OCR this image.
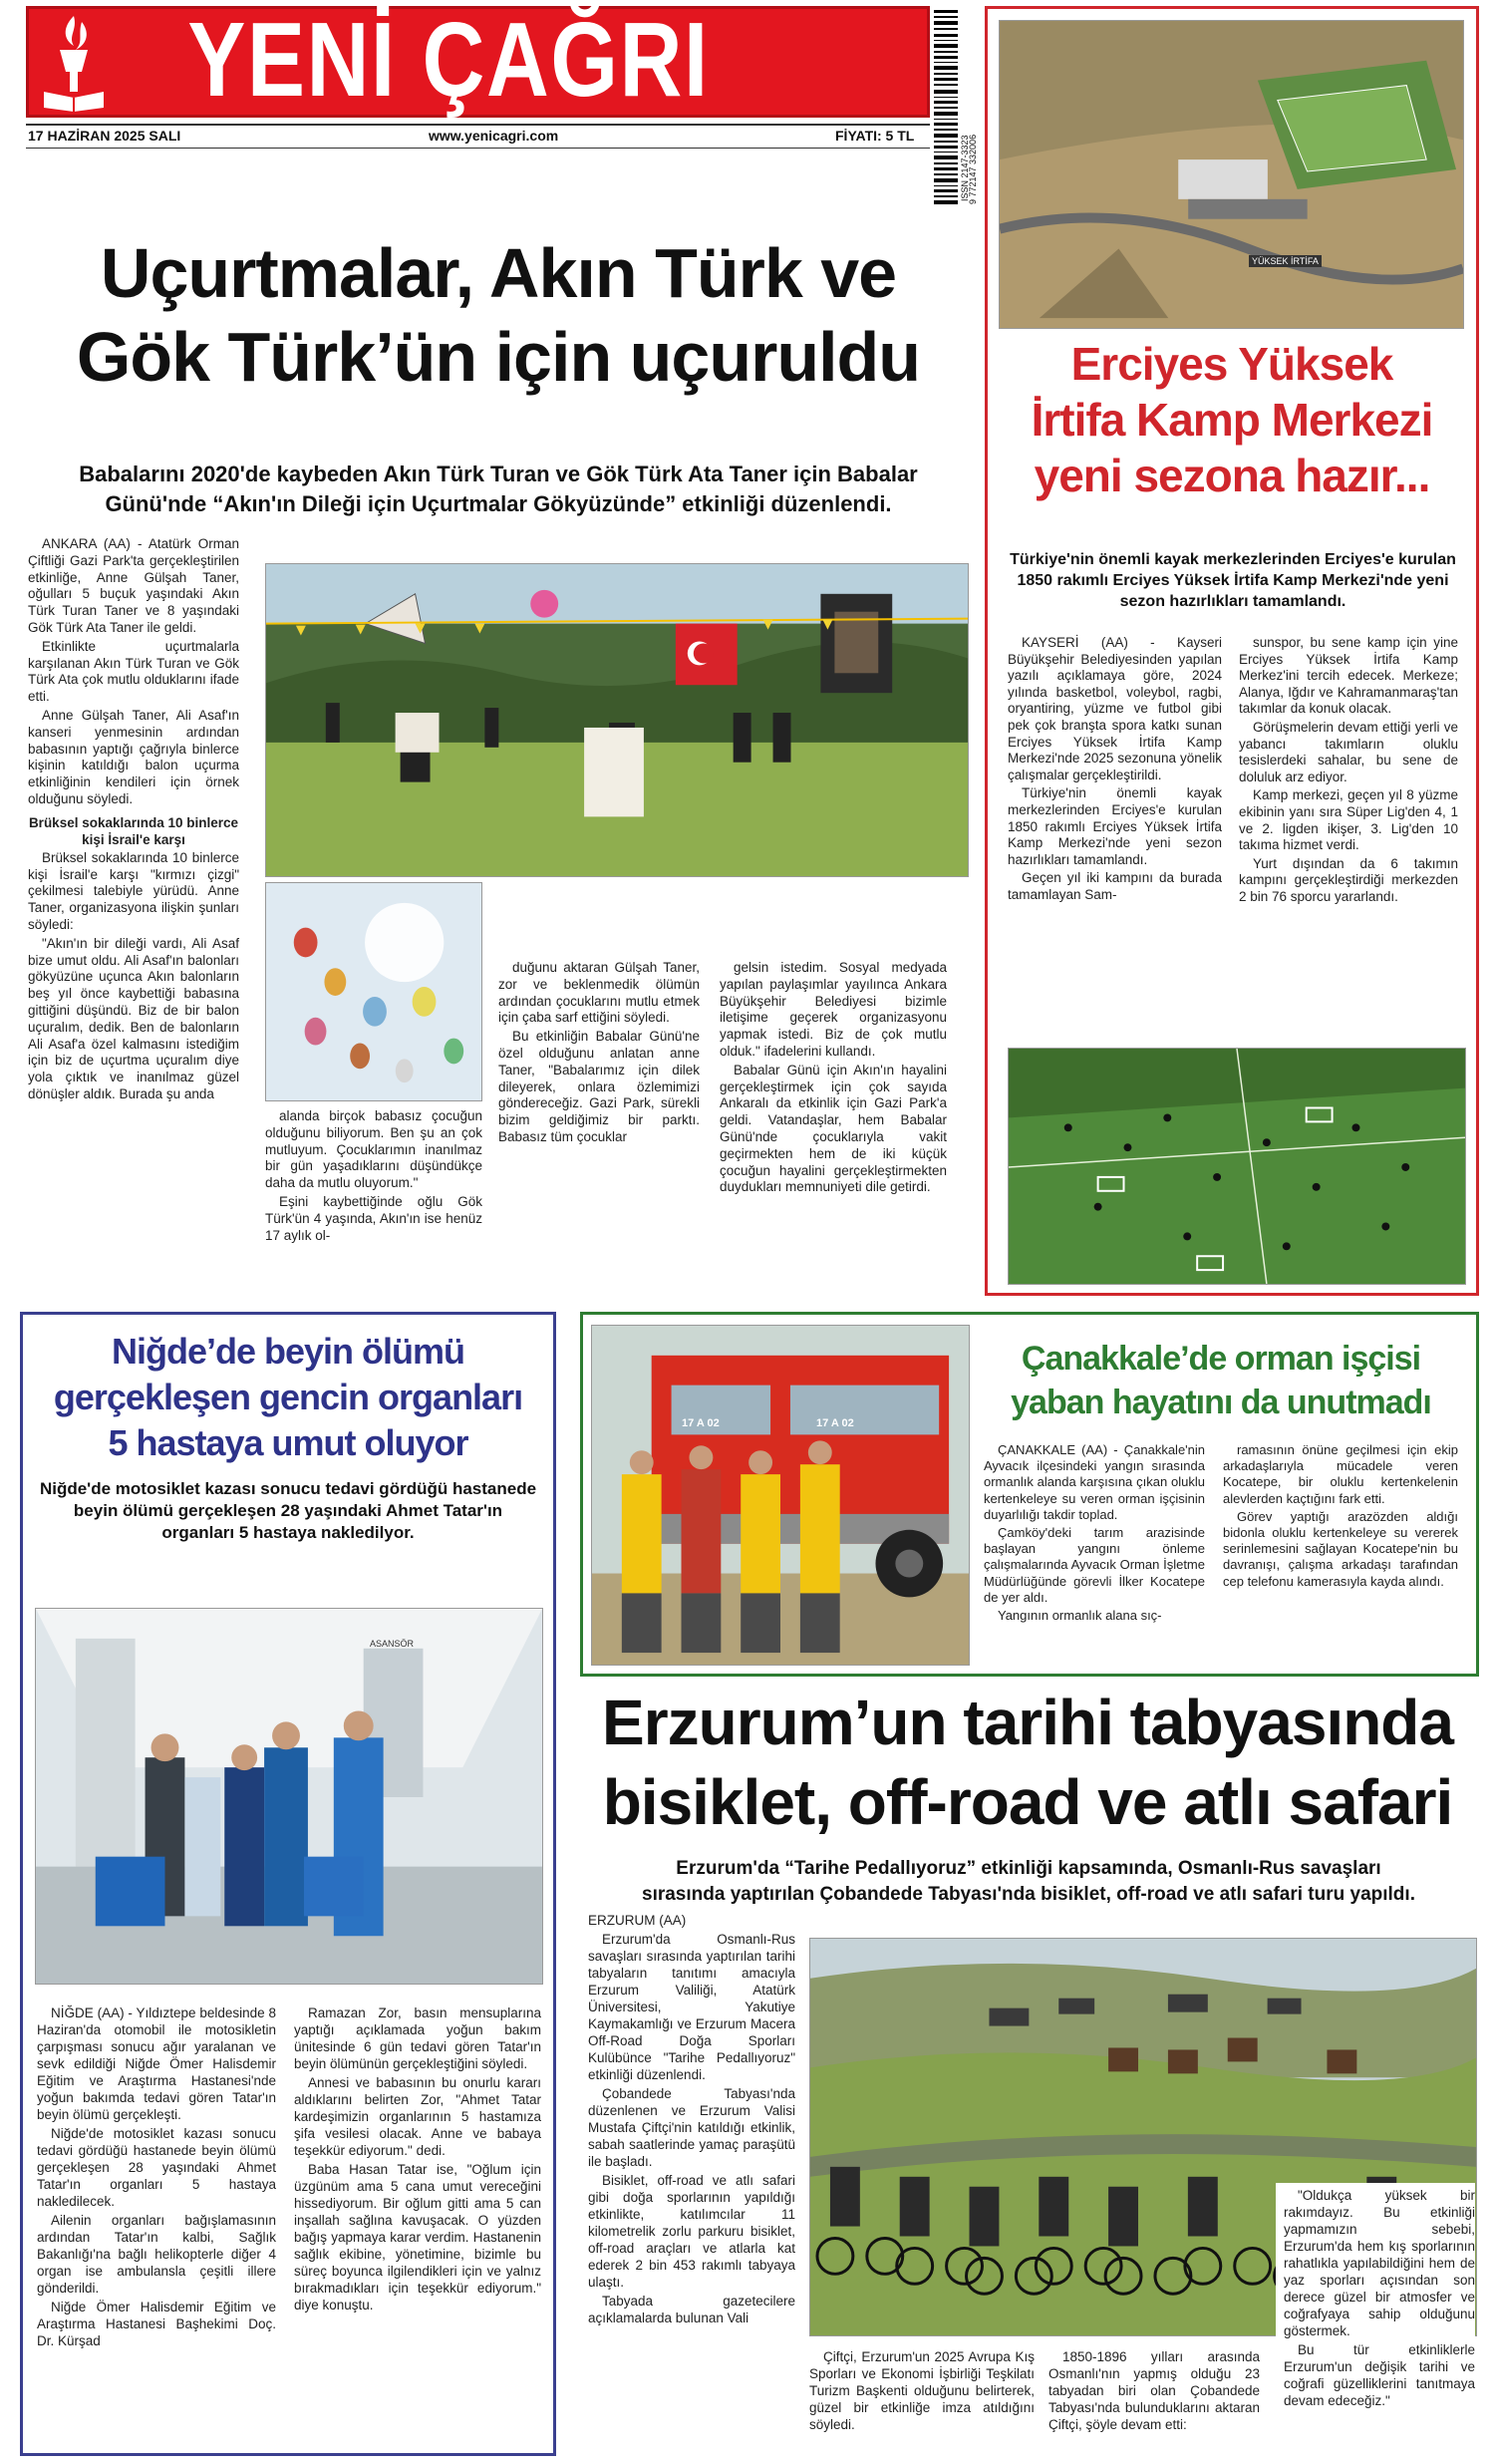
YENİ ÇAĞRI
17 HAZİRAN 2025 SALI	www.yenicagri.com	FİYATI: 5 TL	ISSN 2147-3323
9 772147 332006
Uçurtmalar, Akın Türk ve
Gök Türk’ün için uçuruldu
Babalarını 2020'de kaybeden Akın Türk Turan ve Gök Türk Ata Taner için Babalar
Günü'nde “Akın'ın Dileği için Uçurtmalar Gökyüzünde” etkinliği düzenlendi.

ANKARA (AA) - Atatürk Orman Çiftliği Gazi Park'ta gerçekleştirilen etkinliğe, Anne Gülşah Taner, oğulları 5 buçuk yaşındaki Akın Türk Turan Taner ve 8 yaşındaki Gök Türk Ata Taner ile geldi.

Etkinlikte uçurtmalarla karşılanan Akın Türk Turan ve Gök Türk Ata çok mutlu olduklarını ifade etti.

Anne Gülşah Taner, Ali Asaf'ın kanseri yenmesinin ardından babasının yaptığı çağrıyla binlerce kişinin katıldığı balon uçurma etkinliğinin kendileri için örnek olduğunu söyledi.

Brüksel sokaklarında 10 binlerce kişi İsrail'e karşı

Brüksel sokaklarında 10 binlerce kişi İsrail'e karşı "kırmızı çizgi" çekilmesi talebiyle yürüdü. Anne Taner, organizasyona ilişkin şunları söyledi:

"Akın'ın bir dileği vardı, Ali Asaf bize umut oldu. Ali Asaf'ın balonları gökyüzüne uçunca Akın balonların beş yıl önce kaybettiği babasına gittiğini düşündü. Biz de bir balon uçuralım, dedik. Ben de balonların Ali Asaf'a özel kalmasını istediğim için biz de uçurtma uçuralım diye yola çıktık ve inanılmaz güzel dönüşler aldık. Burada şu anda

alanda birçok babasız çocuğun olduğunu biliyorum. Ben şu an çok mutluyum. Çocuklarımın inanılmaz bir gün yaşadıklarını düşündükçe daha da mutlu oluyorum."

Eşini kaybettiğinde oğlu Gök Türk'ün 4 yaşında, Akın'ın ise henüz 17 aylık ol-

duğunu aktaran Gülşah Taner, zor ve beklenmedik ölümün ardından çocuklarını mutlu etmek için çaba sarf ettiğini söyledi.

Bu etkinliğin Babalar Günü'ne özel olduğunu anlatan anne Taner, "Babalarımız için dilek dileyerek, onlara özlemimizi göndereceğiz. Gazi Park, sürekli bizim geldiğimiz bir parktı. Babasız tüm çocuklar

gelsin istedim. Sosyal medyada yapılan paylaşımlar yayılınca Ankara Büyükşehir Belediyesi bizimle iletişime geçerek organizasyonu yapmak istedi. Biz de çok mutlu olduk." ifadelerini kullandı.

Babalar Günü için Akın'ın hayalini gerçekleştirmek için çok sayıda Ankaralı da etkinlik için Gazi Park'a geldi. Vatandaşlar, hem Babalar Günü'nde çocuklarıyla vakit geçirmekten hem de iki küçük çocuğun hayalini gerçekleştirmekten duydukları memnuniyeti dile getirdi.

YÜKSEK İRTİFA
Erciyes Yüksek
İrtifa Kamp Merkezi
yeni sezona hazır...
Türkiye'nin önemli kayak merkezlerinden Erciyes'e kurulan 1850 rakımlı Erciyes Yüksek İrtifa Kamp Merkezi'nde yeni sezon hazırlıkları tamamlandı.

KAYSERİ (AA) - Kayseri Büyükşehir Belediyesinden yapılan yazılı açıklamaya göre, 2024 yılında basketbol, voleybol, ragbi, oryantiring, yüzme ve futbol gibi pek çok branşta spora katkı sunan Erciyes Yüksek İrtifa Kamp Merkezi'nde 2025 sezonuna yönelik çalışmalar gerçekleştirildi.

Türkiye'nin önemli kayak merkezlerinden Erciyes'e kurulan 1850 rakımlı Erciyes Yüksek İrtifa Kamp Merkezi'nde yeni sezon hazırlıkları tamamlandı.

Geçen yıl iki kampını da burada tamamlayan Sam-

sunspor, bu sene kamp için yine Erciyes Yüksek İrtifa Kamp Merkez'ini tercih edecek. Merkeze; Alanya, Iğdır ve Kahramanmaraş'tan takımlar da konuk olacak.

Görüşmelerin devam ettiği yerli ve yabancı takımların oluklu tesislerdeki sahalar, bu sene de doluluk arz ediyor.

Kamp merkezi, geçen yıl 8 yüzme ekibinin yanı sıra Süper Lig'den 4, 1 ve 2. ligden ikişer, 3. Lig'den 10 takıma hizmet verdi.

Yurt dışından da 6 takımın kampını gerçekleştirdiği merkezden 2 bin 76 sporcu yararlandı.

Niğde’de beyin ölümü
gerçekleşen gencin organları
5 hastaya umut oluyor
Niğde'de motosiklet kazası sonucu tedavi gördüğü hastanede beyin ölümü gerçekleşen 28 yaşındaki Ahmet Tatar'ın organları 5 hastaya nakledilyor.
ASANSÖR

NİĞDE (AA) - Yıldıztepe beldesinde 8 Haziran'da otomobil ile motosikletin çarpışması sonucu ağır yaralanan ve sevk edildiği Niğde Ömer Halisdemir Eğitim ve Araştırma Hastanesi'nde yoğun bakımda tedavi gören Tatar'ın beyin ölümü gerçekleşti.

Niğde'de motosiklet kazası sonucu tedavi gördüğü hastanede beyin ölümü gerçekleşen 28 yaşındaki Ahmet Tatar'ın organları 5 hastaya nakledilecek.

Ailenin organları bağışlamasının ardından Tatar'ın kalbi, Sağlık Bakanlığı'na bağlı helikopterle diğer 4 organ ise ambulansla çeşitli illere gönderildi.

Niğde Ömer Halisdemir Eğitim ve Araştırma Hastanesi Başhekimi Doç. Dr. Kürşad

Ramazan Zor, basın mensuplarına yaptığı açıklamada yoğun bakım ünitesinde 6 gün tedavi gören Tatar'ın beyin ölümünün gerçekleştiğini söyledi.

Annesi ve babasının bu onurlu kararı aldıklarını belirten Zor, "Ahmet Tatar kardeşimizin organlarının 5 hastamıza şifa vesilesi olacak. Anne ve babaya teşekkür ediyorum." dedi.

Baba Hasan Tatar ise, "Oğlum için üzgünüm ama 5 cana umut vereceğini hissediyorum. Bir oğlum gitti ama 5 can inşallah sağlına kavuşacak. O yüzden bağış yapmaya karar verdim. Hastanenin sağlık ekibine, yönetimine, bizimle bu süreç boyunca ilgilendikleri için ve yalnız bırakmadıkları için teşekkür ediyorum." diye konuştu.

17 A 02	17 A 02
Çanakkale’de orman işçisi
yaban hayatını da unutmadı

ÇANAKKALE (AA) - Çanakkale'nin Ayvacık ilçesindeki yangın sırasında ormanlık alanda karşısına çıkan oluklu kertenkeleye su veren orman işçisinin duyarlılığı takdir toplad.

Çamköy'deki tarım arazisinde başlayan yangını önleme çalışmalarında Ayvacık Orman İşletme Müdürlüğünde görevli İlker Kocatepe de yer aldı.

Yangının ormanlık alana sıç-

ramasının önüne geçilmesi için ekip arkadaşlarıyla mücadele veren Kocatepe, bir oluklu kertenkelenin alevlerden kaçtığını fark etti.

Görev yaptığı arazözden aldığı bidonla oluklu kertenkeleye su vererek serinlemesini sağlayan Kocatepe'nin bu davranışı, çalışma arkadaşı tarafından cep telefonu kamerasıyla kayda alındı.

Erzurum’un tarihi tabyasında
bisiklet, off-road ve atlı safari
Erzurum'da “Tarihe Pedallıyoruz” etkinliği kapsamında, Osmanlı-Rus savaşları
sırasında yaptırılan Çobandede Tabyası'nda bisiklet, off-road ve atlı safari turu yapıldı.

ERZURUM (AA)

Erzurum'da Osmanlı-Rus savaşları sırasında yaptırılan tarihi tabyaların tanıtımı amacıyla Erzurum Valiliği, Atatürk Üniversitesi, Yakutiye Kaymakamlığı ve Erzurum Macera Off-Road Doğa Sporları Kulübünce "Tarihe Pedallıyoruz" etkinliği düzenlendi.

Çobandede Tabyası'nda düzenlenen ve Erzurum Valisi Mustafa Çiftçi'nin katıldığı etkinlik, sabah saatlerinde yamaç paraşütü ile başladı.

Bisiklet, off-road ve atlı safari gibi doğa sporlarının yapıldığı etkinlikte, katılımcılar 11 kilometrelik zorlu parkuru bisiklet, off-road araçları ve atlarla kat ederek 2 bin 453 rakımlı tabyaya ulaştı.

Tabyada gazetecilere açıklamalarda bulunan Vali

Çiftçi, Erzurum'un 2025 Avrupa Kış Sporları ve Ekonomi İşbirliği Teşkilatı Turizm Başkenti olduğunu belirterek, güzel bir etkinliğe imza atıldığını söyledi.

1850-1896 yılları arasında Osmanlı'nın yapmış olduğu 23 tabyadan biri olan Çobandede Tabyası'nda bulunduklarını aktaran Çiftçi, şöyle devam etti:

"Oldukça yüksek bir rakımdayız. Bu etkinliği yapmamızın sebebi, Erzurum'da hem kış sporlarının rahatlıkla yapılabildiğini hem de yaz sporları açısından son derece güzel bir atmosfer ve coğrafyaya sahip olduğunu göstermek.

Bu tür etkinliklerle Erzurum'un değişik tarihi ve coğrafi güzelliklerini tanıtmaya devam edeceğiz."
